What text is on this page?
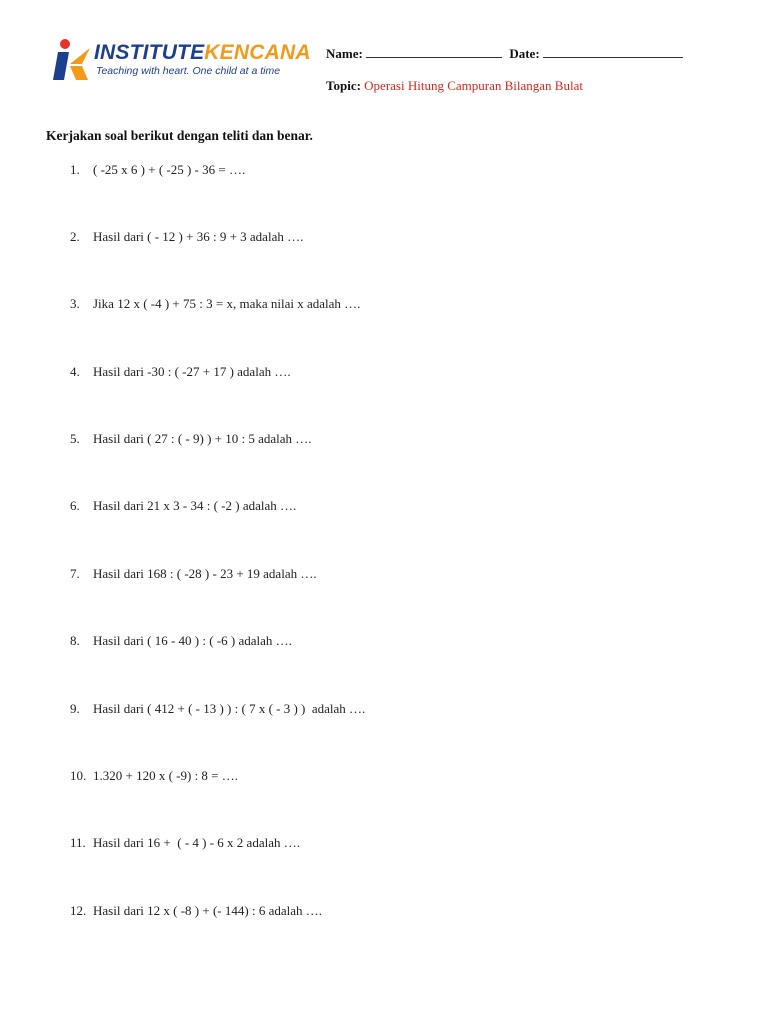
INSTITUTEKENCANA
Teaching with heart. One child at a time
Name:	Date:
Topic: Operasi Hitung Campuran Bilangan Bulat
Kerjakan soal berikut dengan teliti dan benar.
1. ( -25 x 6 ) + ( -25 ) - 36 = ….
2. Hasil dari ( - 12 ) + 36 : 9 + 3 adalah ….
3. Jika 12 x ( -4 ) + 75 : 3 = x, maka nilai x adalah ….
4. Hasil dari -30 : ( -27 + 17 ) adalah ….
5. Hasil dari ( 27 : ( - 9) ) + 10 : 5 adalah ….
6. Hasil dari 21 x 3 - 34 : ( -2 ) adalah ….
7. Hasil dari 168 : ( -28 ) - 23 + 19 adalah ….
8. Hasil dari ( 16 - 40 ) : ( -6 ) adalah ….
9. Hasil dari ( 412 + ( - 13 ) ) : ( 7 x ( - 3 ) )  adalah ….
10. 1.320 + 120 x ( -9) : 8 = ….
11. Hasil dari 16 +  ( - 4 ) - 6 x 2 adalah ….
12. Hasil dari 12 x ( -8 ) + (- 144) : 6 adalah ….
